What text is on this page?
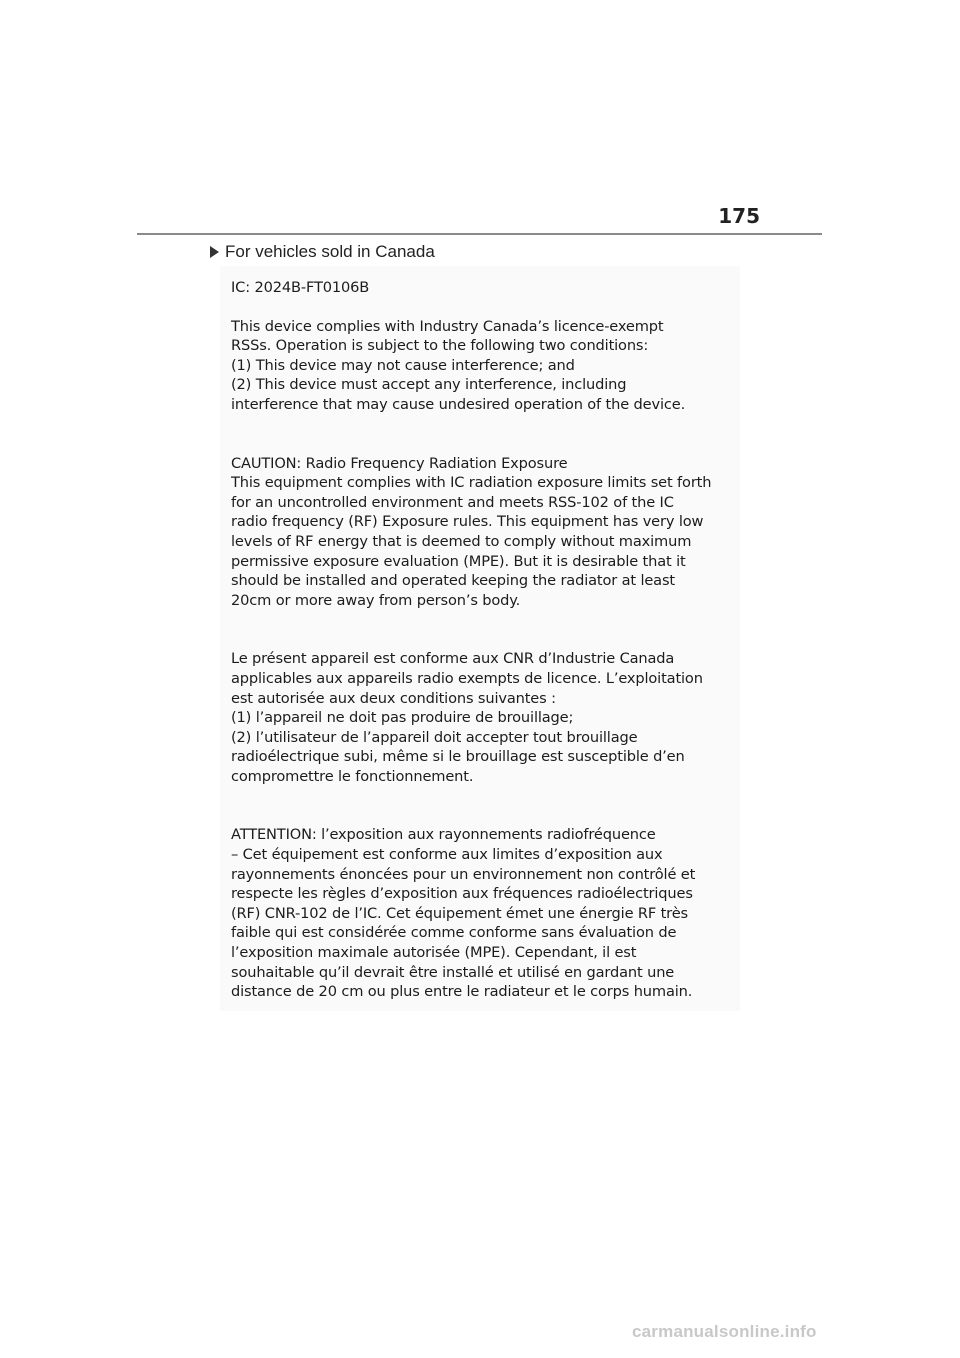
175
For vehicles sold in Canada

IC: 2024B-FT0106B

This device complies with Industry Canada’s licence-exempt
RSSs. Operation is subject to the following two conditions:
(1) This device may not cause interference; and
(2) This device must accept any interference, including
interference that may cause undesired operation of the device.

CAUTION: Radio Frequency Radiation Exposure
This equipment complies with IC radiation exposure limits set forth
for an uncontrolled environment and meets RSS-102 of the IC
radio frequency (RF) Exposure rules. This equipment has very low
levels of RF energy that is deemed to comply without maximum
permissive exposure evaluation (MPE). But it is desirable that it
should be installed and operated keeping the radiator at least
20cm or more away from person’s body.

Le présent appareil est conforme aux CNR d’Industrie Canada
applicables aux appareils radio exempts de licence. L’exploitation
est autorisée aux deux conditions suivantes :
(1) l’appareil ne doit pas produire de brouillage;
(2) l’utilisateur de l’appareil doit accepter tout brouillage
radioélectrique subi, même si le brouillage est susceptible d’en
compromettre le fonctionnement.

ATTENTION: l’exposition aux rayonnements radiofréquence
– Cet équipement est conforme aux limites d’exposition aux
rayonnements énoncées pour un environnement non contrôlé et
respecte les règles d’exposition aux fréquences radioélectriques
(RF) CNR-102 de l’IC. Cet équipement émet une énergie RF très
faible qui est considérée comme conforme sans évaluation de
l’exposition maximale autorisée (MPE). Cependant, il est
souhaitable qu’il devrait être installé et utilisé en gardant une
distance de 20 cm ou plus entre le radiateur et le corps humain.

carmanualsonline.info
